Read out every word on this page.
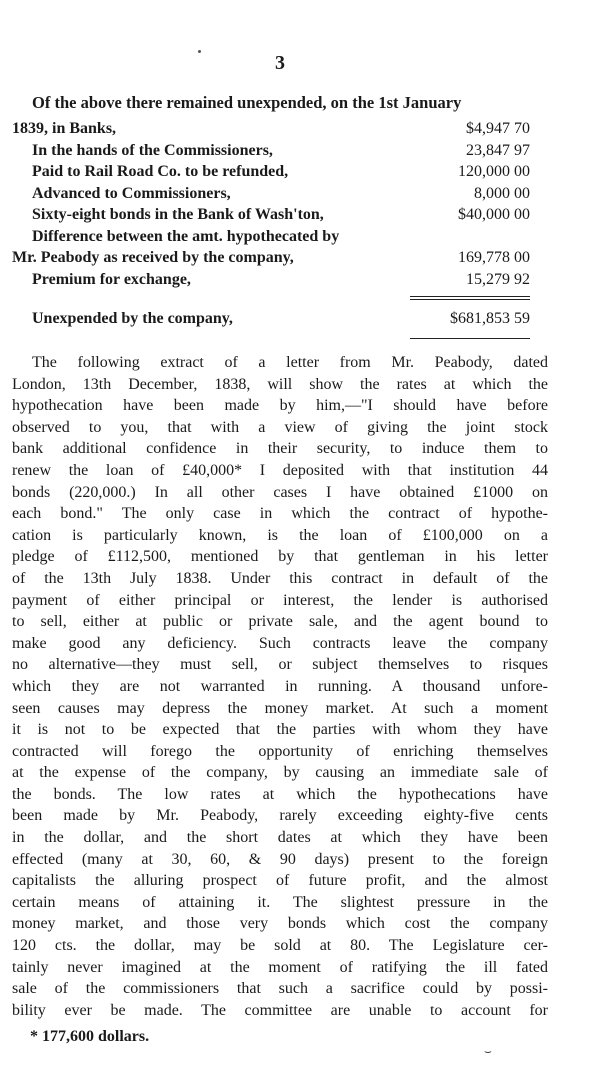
3
Of the above there remained unexpended, on the 1st January
1839, in Banks,	$4,947 70
In the hands of the Commissioners,	23,847 97
Paid to Rail Road Co. to be refunded,	120,000 00
Advanced to Commissioners,	8,000 00
Sixty-eight bonds in the Bank of Wash'ton,	$40,000 00
Difference between the amt. hypothecated by
Mr. Peabody as received by the company,	169,778 00
Premium for exchange,	15,279 92
Unexpended by the company,	$681,853 59
The following extract of a letter from Mr. Peabody, dated
London, 13th December, 1838, will show the rates at which the
hypothecation have been made by him,—"I should have before
observed to you, that with a view of giving the joint stock
bank additional confidence in their security, to induce them to
renew the loan of £40,000* I deposited with that institution 44
bonds (220,000.) In all other cases I have obtained £1000 on
each bond." The only case in which the contract of hypothe-
cation is particularly known, is the loan of £100,000 on a
pledge of £112,500, mentioned by that gentleman in his letter
of the 13th July 1838. Under this contract in default of the
payment of either principal or interest, the lender is authorised
to sell, either at public or private sale, and the agent bound to
make good any deficiency. Such contracts leave the company
no alternative—they must sell, or subject themselves to risques
which they are not warranted in running. A thousand unfore-
seen causes may depress the money market. At such a moment
it is not to be expected that the parties with whom they have
contracted will forego the opportunity of enriching themselves
at the expense of the company, by causing an immediate sale of
the bonds. The low rates at which the hypothecations have
been made by Mr. Peabody, rarely exceeding eighty-five cents
in the dollar, and the short dates at which they have been
effected (many at 30, 60, & 90 days) present to the foreign
capitalists the alluring prospect of future profit, and the almost
certain means of attaining it. The slightest pressure in the
money market, and those very bonds which cost the company
120 cts. the dollar, may be sold at 80. The Legislature cer-
tainly never imagined at the moment of ratifying the ill fated
sale of the commissioners that such a sacrifice could by possi-
bility ever be made. The committee are unable to account for
* 177,600 dollars.
⌣
